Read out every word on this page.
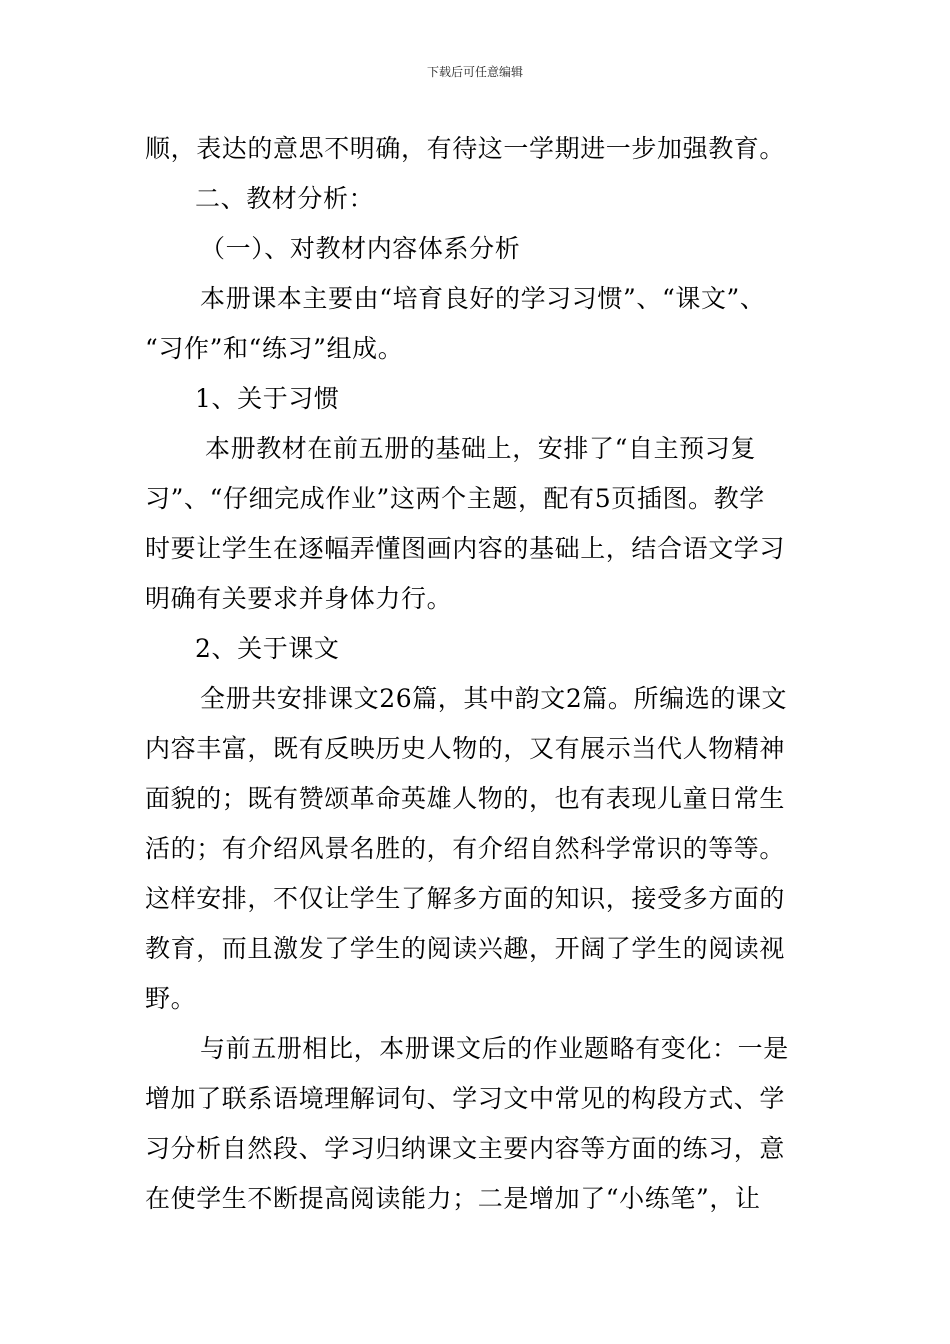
下载后可任意编辑
顺，表达的意思不明确，有待这一学期进一步加强教育。
二、教材分析：
（一）、对教材内容体系分析
本册课本主要由“培育良好的学习习惯”、“课文”、
“习作”和“练习”组成。
1、关于习惯
本册教材在前五册的基础上，安排了“自主预习复
习”、“仔细完成作业”这两个主题，配有5页插图。教学
时要让学生在逐幅弄懂图画内容的基础上，结合语文学习
明确有关要求并身体力行。
2、关于课文
全册共安排课文26篇，其中韵文2篇。所编选的课文
内容丰富，既有反映历史人物的，又有展示当代人物精神
面貌的；既有赞颂革命英雄人物的，也有表现儿童日常生
活的；有介绍风景名胜的，有介绍自然科学常识的等等。
这样安排，不仅让学生了解多方面的知识，接受多方面的
教育，而且激发了学生的阅读兴趣，开阔了学生的阅读视
野。
与前五册相比，本册课文后的作业题略有变化：一是
增加了联系语境理解词句、学习文中常见的构段方式、学
习分析自然段、学习归纳课文主要内容等方面的练习，意
在使学生不断提高阅读能力；二是增加了“小练笔”，让
